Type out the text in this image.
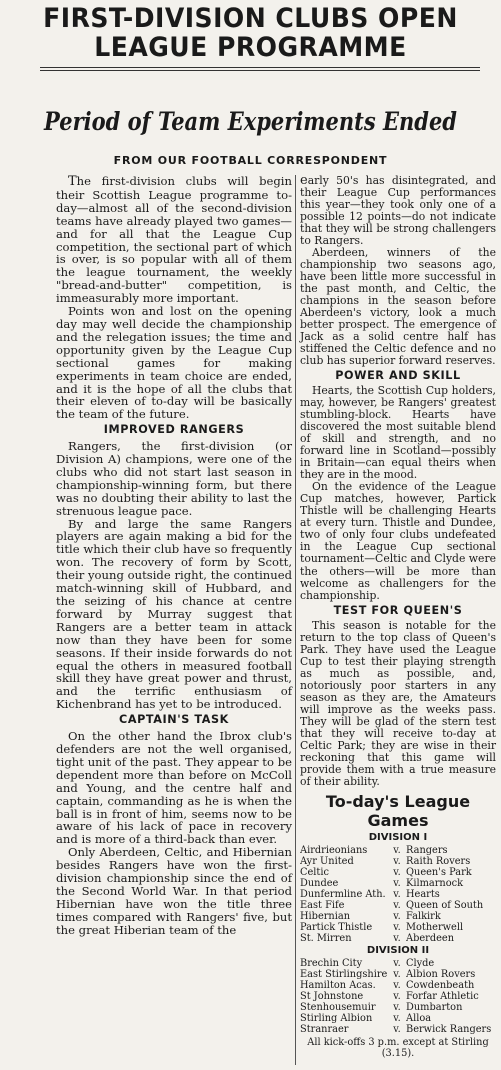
FIRST-DIVISION CLUBS OPEN
LEAGUE PROGRAMME
Period of Team Experiments Ended
FROM OUR FOOTBALL CORRESPONDENT

The first-division clubs will begin their Scottish League programme to-day—almost all of the second-division teams have already played two games—and for all that the League Cup competition, the sectional part of which is over, is so popular with all of them the league tournament, the weekly "bread-and-butter" competition, is immeasurably more important.

Points won and lost on the opening day may well decide the championship and the relegation issues; the time and opportunity given by the League Cup sectional games for making experiments in team choice are ended, and it is the hope of all the clubs that their eleven of to-day will be basically the team of the future.

IMPROVED RANGERS

Rangers, the first-division (or Division A) champions, were one of the clubs who did not start last season in championship-winning form, but there was no doubting their ability to last the strenuous league pace.

By and large the same Rangers players are again making a bid for the title which their club have so frequently won. The recovery of form by Scott, their young outside right, the continued match-winning skill of Hubbard, and the seizing of his chance at centre forward by Murray suggest that Rangers are a better team in attack now than they have been for some seasons. If their inside forwards do not equal the others in measured football skill they have great power and thrust, and the terrific enthusiasm of Kichenbrand has yet to be introduced.

CAPTAIN'S TASK

On the other hand the Ibrox club's defenders are not the well organised, tight unit of the past. They appear to be dependent more than before on McColl and Young, and the centre half and captain, commanding as he is when the ball is in front of him, seems now to be aware of his lack of pace in recovery and is more of a third-back than ever.

Only Aberdeen, Celtic, and Hibernian besides Rangers have won the first-division championship since the end of the Second World War. In that period Hibernian have won the title three times compared with Rangers' five, but the great Hiberian team of the

early 50's has disintegrated, and their League Cup performances this year—they took only one of a possible 12 points—do not indicate that they will be strong challengers to Rangers.

Aberdeen, winners of the championship two seasons ago, have been little more successful in the past month, and Celtic, the champions in the season before Aberdeen's victory, look a much better prospect. The emergence of Jack as a solid centre half has stiffened the Celtic defence and no club has superior forward reserves.

POWER AND SKILL

Hearts, the Scottish Cup holders, may, however, be Rangers' greatest stumbling-block. Hearts have discovered the most suitable blend of skill and strength, and no forward line in Scotland—possibly in Britain—can equal theirs when they are in the mood.

On the evidence of the League Cup matches, however, Partick Thistle will be challenging Hearts at every turn. Thistle and Dundee, two of only four clubs undefeated in the League Cup sectional tournament—Celtic and Clyde were the others—will be more than welcome as challengers for the championship.

TEST FOR QUEEN'S

This season is notable for the return to the top class of Queen's Park. They have used the League Cup to test their playing strength as much as possible, and, notoriously poor starters in any season as they are, the Amateurs will improve as the weeks pass. They will be glad of the stern test that they will receive to-day at Celtic Park; they are wise in their reckoning that this game will provide them with a true measure of their ability.

To-day's League Games
DIVISION I
Airdrieonians	v. Rangers
Ayr United	v. Raith Rovers
Celtic	v. Queen's Park
Dundee	v. Kilmarnock
Dunfermline Ath. v. Hearts
East Fife	v. Queen of South
Hibernian	v. Falkirk
Partick Thistle	v. Motherwell
St. Mirren	v. Aberdeen
DIVISION II
Brechin City	v. Clyde
East Stirlingshire v. Albion Rovers
Hamilton Acas.	v. Cowdenbeath
St Johnstone	v. Forfar Athletic
Stenhousemuir	v. Dumbarton
Stirling Albion	v. Alloa
Stranraer	v. Berwick Rangers
All kick-offs 3 p.m. except at Stirling (3.15).
